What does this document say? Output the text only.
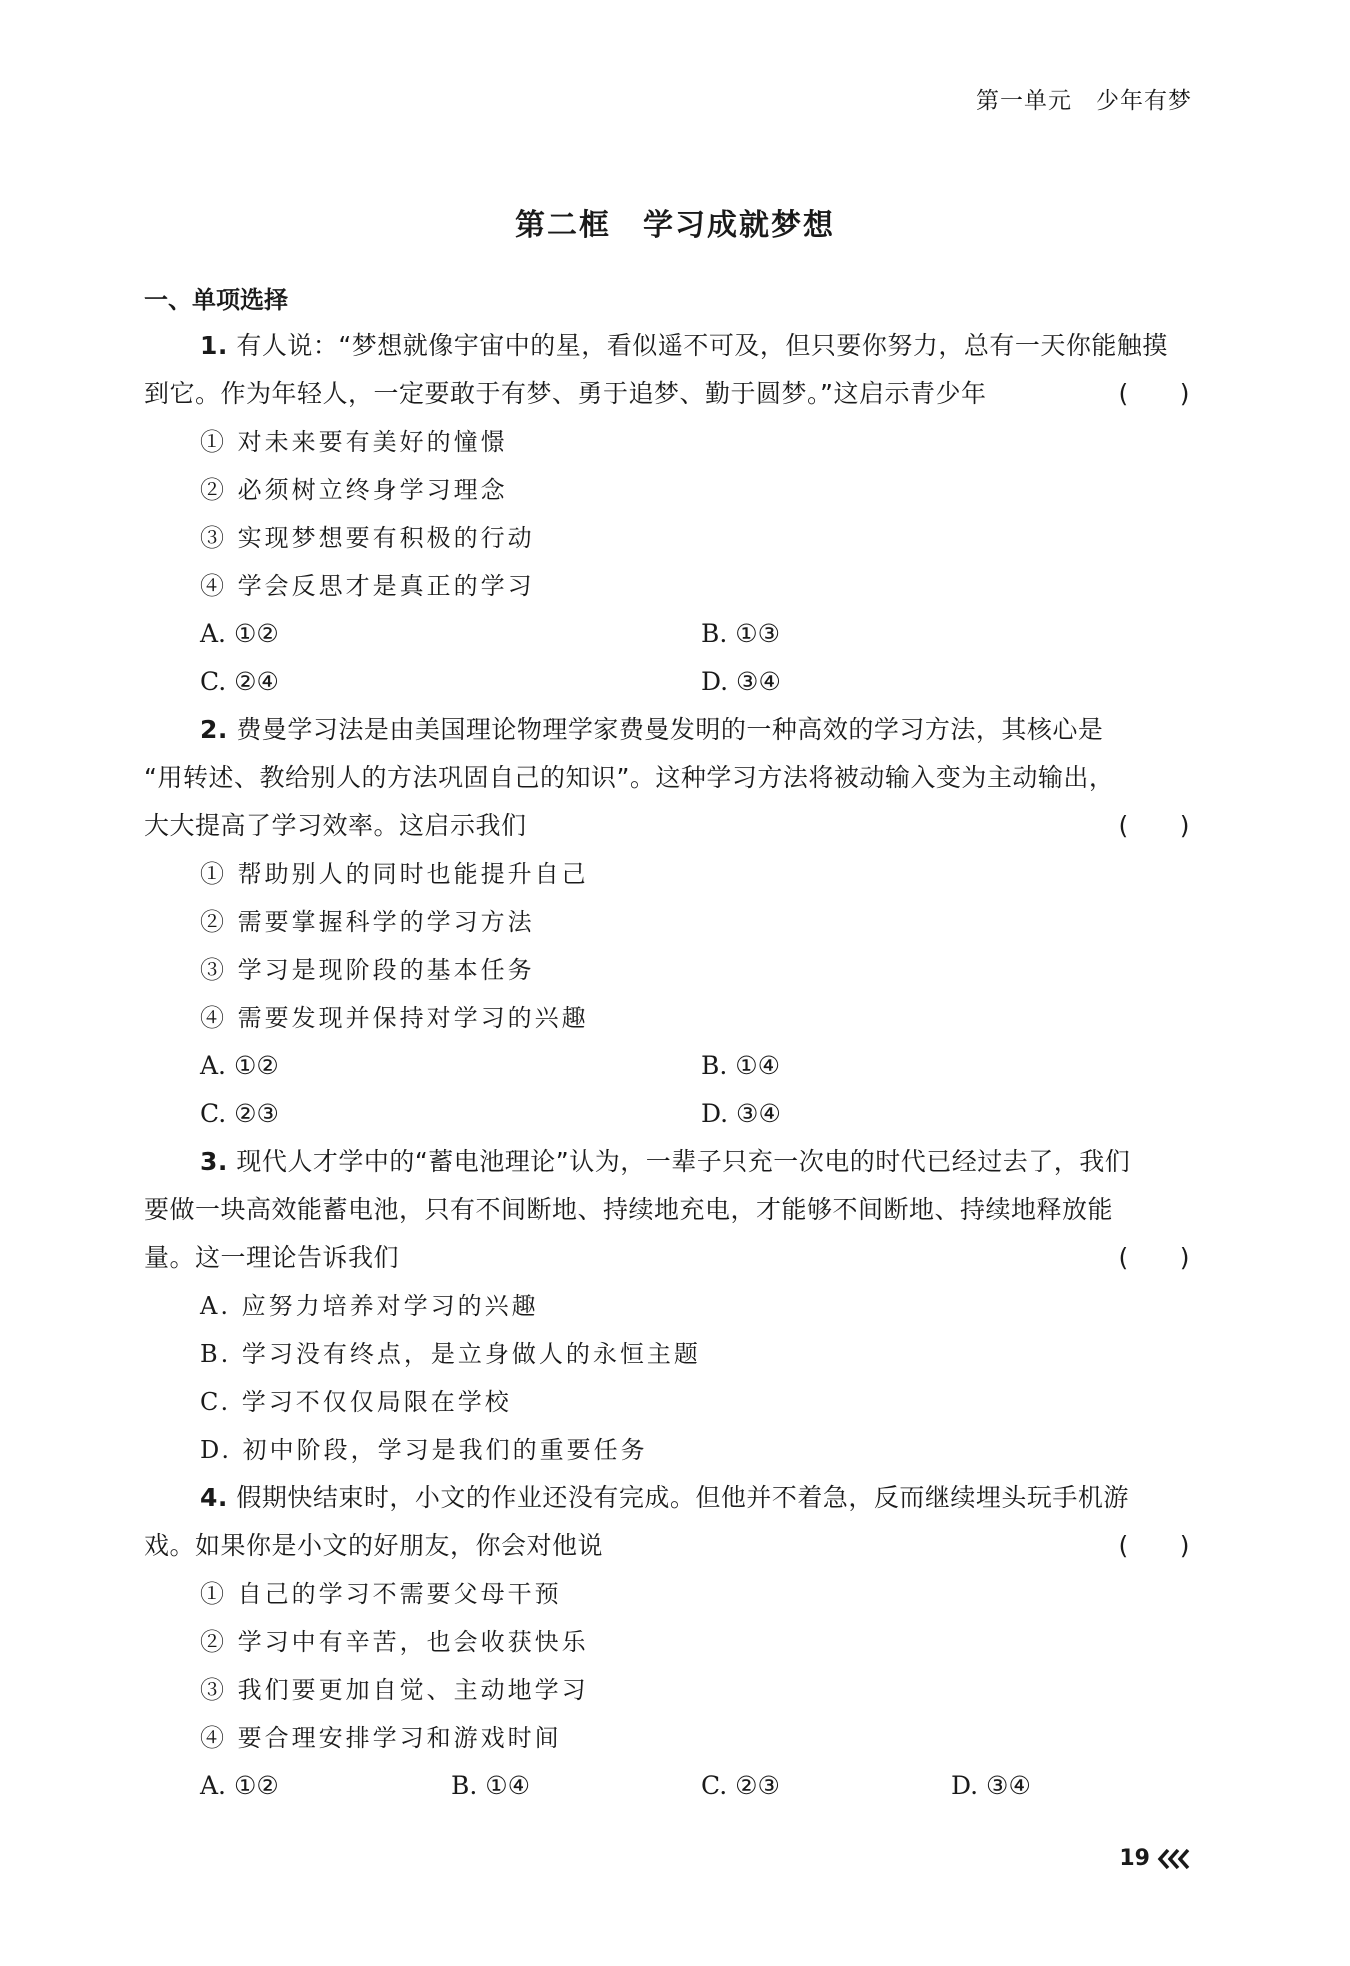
第一单元　少年有梦
第二框　学习成就梦想
一、单项选择
1. 有人说：“梦想就像宇宙中的星，看似遥不可及，但只要你努力，总有一天你能触摸
到它。作为年轻人，一定要敢于有梦、勇于追梦、勤于圆梦。”这启示青少年	(　　)
① 对未来要有美好的憧憬
② 必须树立终身学习理念
③ 实现梦想要有积极的行动
④ 学会反思才是真正的学习
A. ①②	B. ①③
C. ②④	D. ③④
2. 费曼学习法是由美国理论物理学家费曼发明的一种高效的学习方法，其核心是
“用转述、教给别人的方法巩固自己的知识”。这种学习方法将被动输入变为主动输出，
大大提高了学习效率。这启示我们	(　　)
① 帮助别人的同时也能提升自己
② 需要掌握科学的学习方法
③ 学习是现阶段的基本任务
④ 需要发现并保持对学习的兴趣
A. ①②	B. ①④
C. ②③	D. ③④
3. 现代人才学中的“蓄电池理论”认为，一辈子只充一次电的时代已经过去了，我们
要做一块高效能蓄电池，只有不间断地、持续地充电，才能够不间断地、持续地释放能
量。这一理论告诉我们	(　　)
A. 应努力培养对学习的兴趣
B. 学习没有终点，是立身做人的永恒主题
C. 学习不仅仅局限在学校
D. 初中阶段，学习是我们的重要任务
4. 假期快结束时，小文的作业还没有完成。但他并不着急，反而继续埋头玩手机游
戏。如果你是小文的好朋友，你会对他说	(　　)
① 自己的学习不需要父母干预
② 学习中有辛苦，也会收获快乐
③ 我们要更加自觉、主动地学习
④ 要合理安排学习和游戏时间
A. ①②	B. ①④	C. ②③	D. ③④
19
